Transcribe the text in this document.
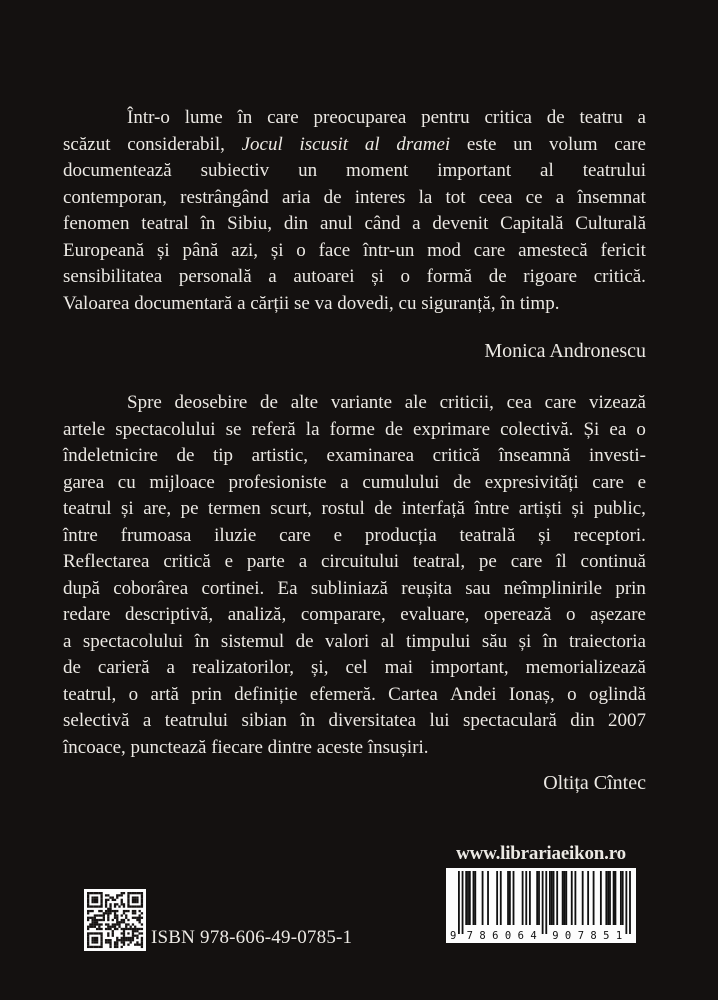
Într-o lume în care preocuparea pentru critica de teatru a
scăzut considerabil, Jocul iscusit al dramei este un volum care
documentează subiectiv un moment important al teatrului
contemporan, restrângând aria de interes la tot ceea ce a însemnat
fenomen teatral în Sibiu, din anul când a devenit Capitală Culturală
Europeană și până azi, și o face într-un mod care amestecă fericit
sensibilitatea personală a autoarei și o formă de rigoare critică.
Valoarea documentară a cărții se va dovedi, cu siguranță, în timp.
Monica Andronescu
Spre deosebire de alte variante ale criticii, cea care vizează
artele spectacolului se referă la forme de exprimare colectivă. Și ea o
îndeletnicire de tip artistic, examinarea critică înseamnă investi-
garea cu mijloace profesioniste a cumulului de expresivități care e
teatrul și are, pe termen scurt, rostul de interfață între artiști și public,
între frumoasa iluzie care e producția teatrală și receptori.
Reflectarea critică e parte a circuitului teatral, pe care îl continuă
după coborârea cortinei. Ea subliniază reușita sau neîmplinirile prin
redare descriptivă, analiză, comparare, evaluare, operează o așezare
a spectacolului în sistemul de valori al timpului său și în traiectoria
de carieră a realizatorilor, și, cel mai important, memorializează
teatrul, o artă prin definiție efemeră. Cartea Andei Ionaș, o oglindă
selectivă a teatrului sibian în diversitatea lui spectaculară din 2007
încoace, punctează fiecare dintre aceste însușiri.
Oltița Cîntec
www.librariaeikon.ro
9 7	9
8	0
6	7
0	8
6	5
4	1
ISBN 978-606-49-0785-1
